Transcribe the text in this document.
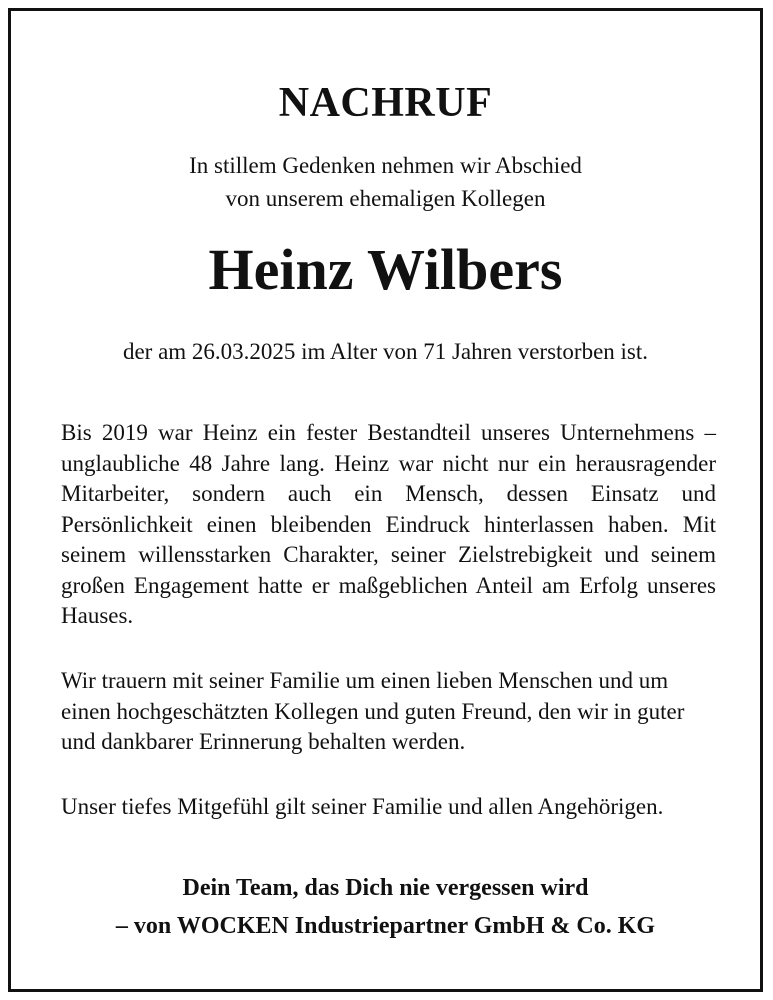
NACHRUF
In stillem Gedenken nehmen wir Abschied
von unserem ehemaligen Kollegen
Heinz Wilbers
der am 26.03.2025 im Alter von 71 Jahren verstorben ist.
Bis 2019 war Heinz ein fester Bestandteil unseres Unternehmens – unglaubliche 48 Jahre lang. Heinz war nicht nur ein herausragender Mitarbeiter, sondern auch ein Mensch, dessen Einsatz und Persönlichkeit einen bleibenden Eindruck hinterlassen haben. Mit seinem willensstarken Charakter, seiner Zielstrebigkeit und seinem großen Engagement hatte er maßgeblichen Anteil am Erfolg unseres Hauses.
Wir trauern mit seiner Familie um einen lieben Menschen und um einen hochgeschätzten Kollegen und guten Freund, den wir in guter und dankbarer Erinnerung behalten werden.
Unser tiefes Mitgefühl gilt seiner Familie und allen Angehörigen.
Dein Team, das Dich nie vergessen wird
– von WOCKEN Industriepartner GmbH & Co. KG
